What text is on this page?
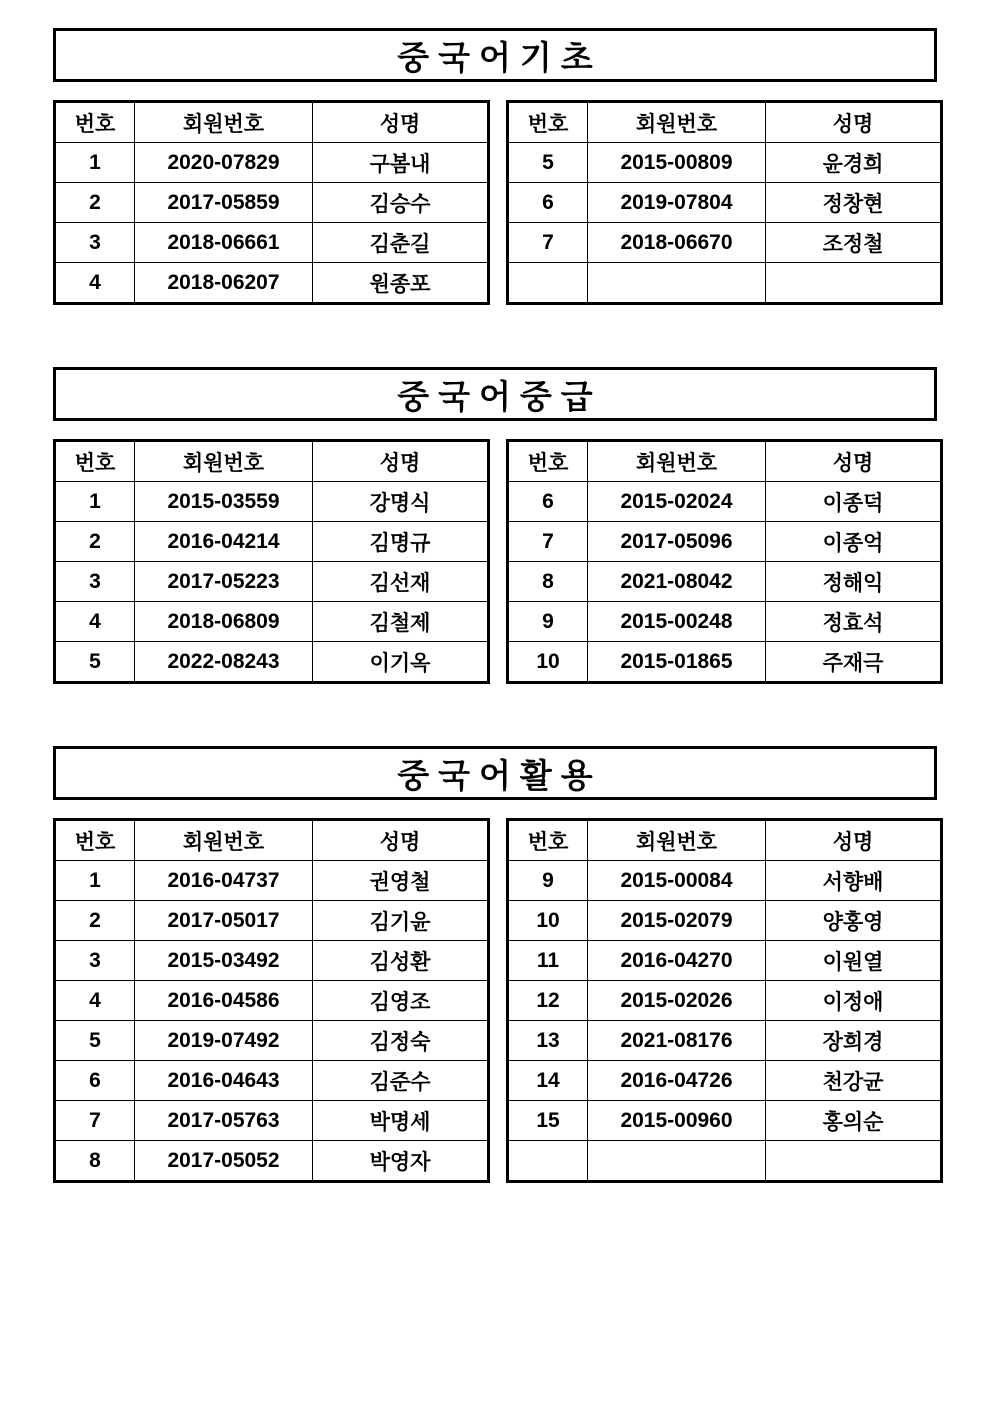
중국어기초
번호	회원번호	성명
1	2020-07829	구봄내
2	2017-05859	김승수
3	2018-06661	김춘길
4	2018-06207	원종포
번호	회원번호	성명
5	2015-00809	윤경희
6	2019-07804	정창현
7	2018-06670	조정철

중국어중급
번호	회원번호	성명
1	2015-03559	강명식
2	2016-04214	김명규
3	2017-05223	김선재
4	2018-06809	김철제
5	2022-08243	이기옥
번호	회원번호	성명
6	2015-02024	이종덕
7	2017-05096	이종억
8	2021-08042	정해익
9	2015-00248	정효석
10	2015-01865	주재극
중국어활용
번호	회원번호	성명
1	2016-04737	권영철
2	2017-05017	김기윤
3	2015-03492	김성환
4	2016-04586	김영조
5	2019-07492	김정숙
6	2016-04643	김준수
7	2017-05763	박명세
8	2017-05052	박영자
번호	회원번호	성명
9	2015-00084	서향배
10	2015-02079	양홍영
11	2016-04270	이원열
12	2015-02026	이정애
13	2021-08176	장희경
14	2016-04726	천강균
15	2015-00960	홍의순
